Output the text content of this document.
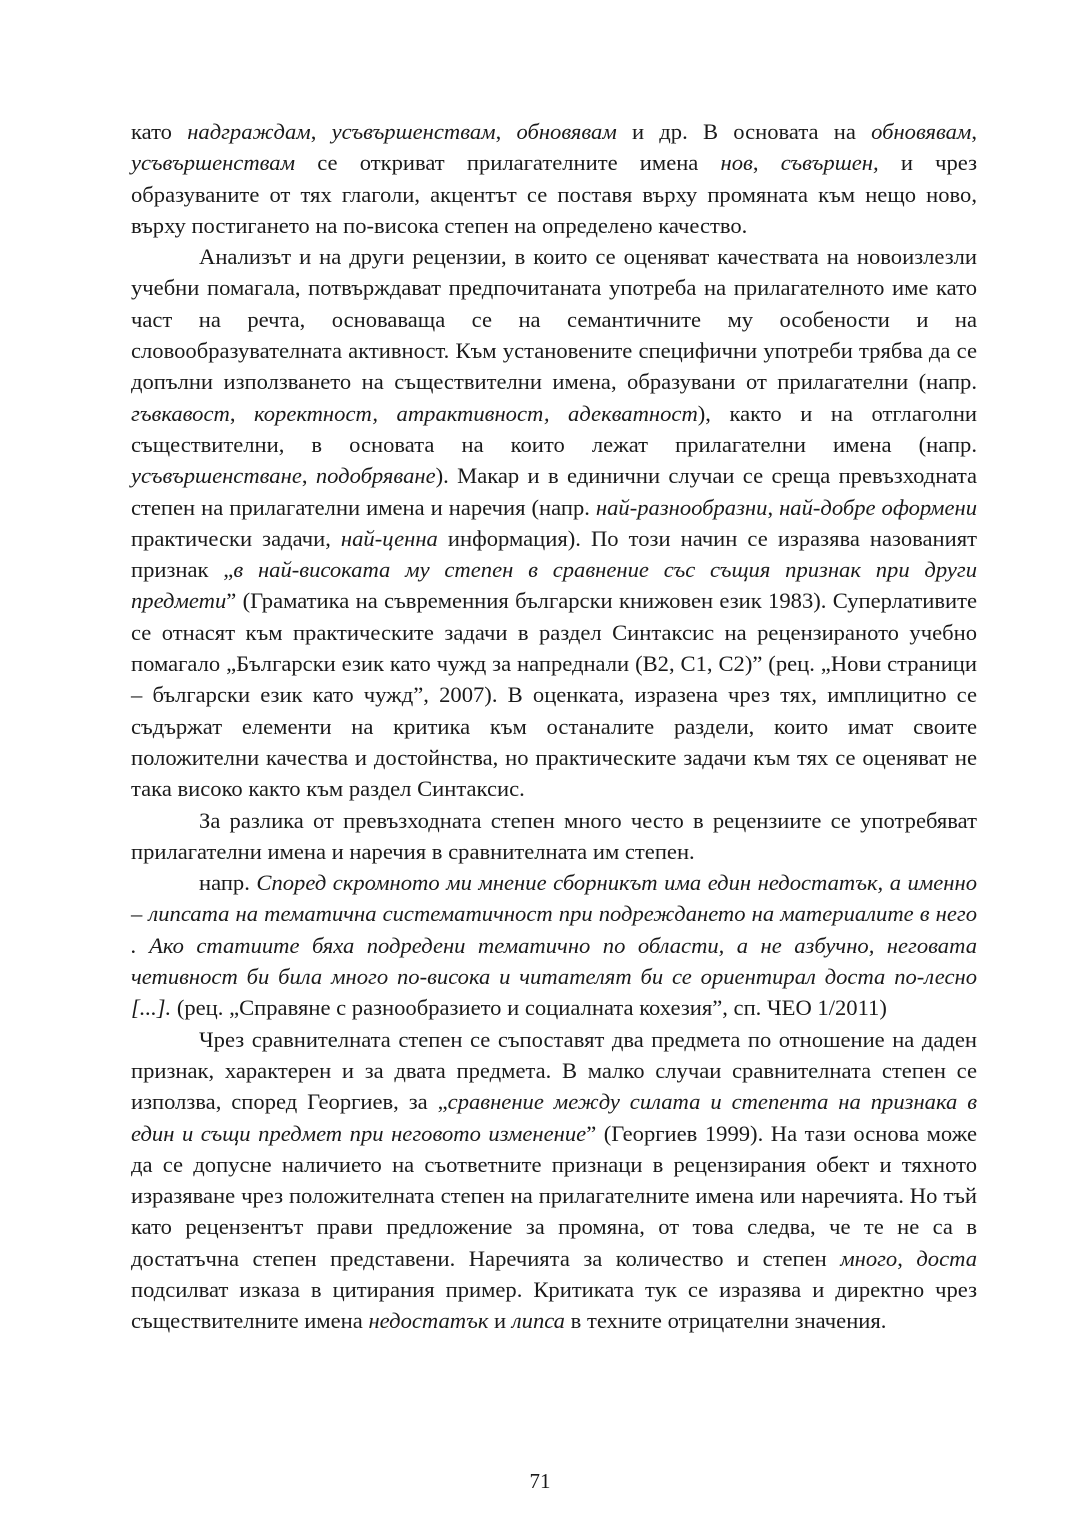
като надграждам, усъвършенствам, обновявам и др. В основата на обновявам, усъвършенствам се откриват прилагателните имена нов, съвършен, и чрез образуваните от тях глаголи, акцентът се поставя върху промяната към нещо ново, върху постигането на по-висока степен на определено качество.

Анализът и на други рецензии, в които се оценяват качествата на новоизлезли учебни помагала, потвърждават предпочитаната употреба на прилагателното име като част на речта, основаваща се на семантичните му особености и на словообразувателната активност. Към установените специфични употреби трябва да се допълни използването на съществителни имена, образувани от прилагателни (напр. гъвкавост, коректност, атрактивност, адекватност), както и на отглаголни съществителни, в основата на които лежат прилагателни имена (напр. усъвършенстване, подобряване). Макар и в единични случаи се среща превъзходната степен на прилагателни имена и наречия (напр. най-разнообразни, най-добре оформени практически задачи, най-ценна информация). По този начин се изразява назованият признак „в най-високата му степен в сравнение със същия признак при други предмети” (Граматика на съвременния български книжовен език 1983). Суперлативите се отнасят към практическите задачи в раздел Синтаксис на рецензираното учебно помагало „Български език като чужд за напреднали (B2, C1, C2)” (рец. „Нови страници – български език като чужд”, 2007). В оценката, изразена чрез тях, имплицитно се съдържат елементи на критика към останалите раздели, които имат своите положителни качества и достойнства, но практическите задачи към тях се оценяват не така високо както към раздел Синтаксис.

За разлика от превъзходната степен много често в рецензиите се употребяват прилагателни имена и наречия в сравнителната им степен.

напр. Според скромното ми мнение сборникът има един недостатък, а именно – липсата на тематична систематичност при подреждането на материалите в него . Ако статиите бяха подредени тематично по области, а не азбучно, неговата четивност би била много по-висока и читателят би се ориентирал доста по-лесно [...]. (рец. „Справяне с разнообразието и социалната кохезия”, сп. ЧЕО 1/2011)

Чрез сравнителната степен се съпоставят два предмета по отношение на даден признак, характерен и за двата предмета. В малко случаи сравнителната степен се използва, според Георгиев, за „сравнение между силата и степента на признака в един и същи предмет при неговото изменение” (Георгиев 1999). На тази основа може да се допусне наличието на съответните признаци в рецензирания обект и тяхното изразяване чрез положителната степен на прилагателните имена или наречията. Но тъй като рецензентът прави предложение за промяна, от това следва, че те не са в достатъчна степен представени. Наречията за количество и степен много, доста подсилват изказа в цитирания пример. Критиката тук се изразява и директно чрез съществителните имена недостатък и липса в техните отрицателни значения.

71
